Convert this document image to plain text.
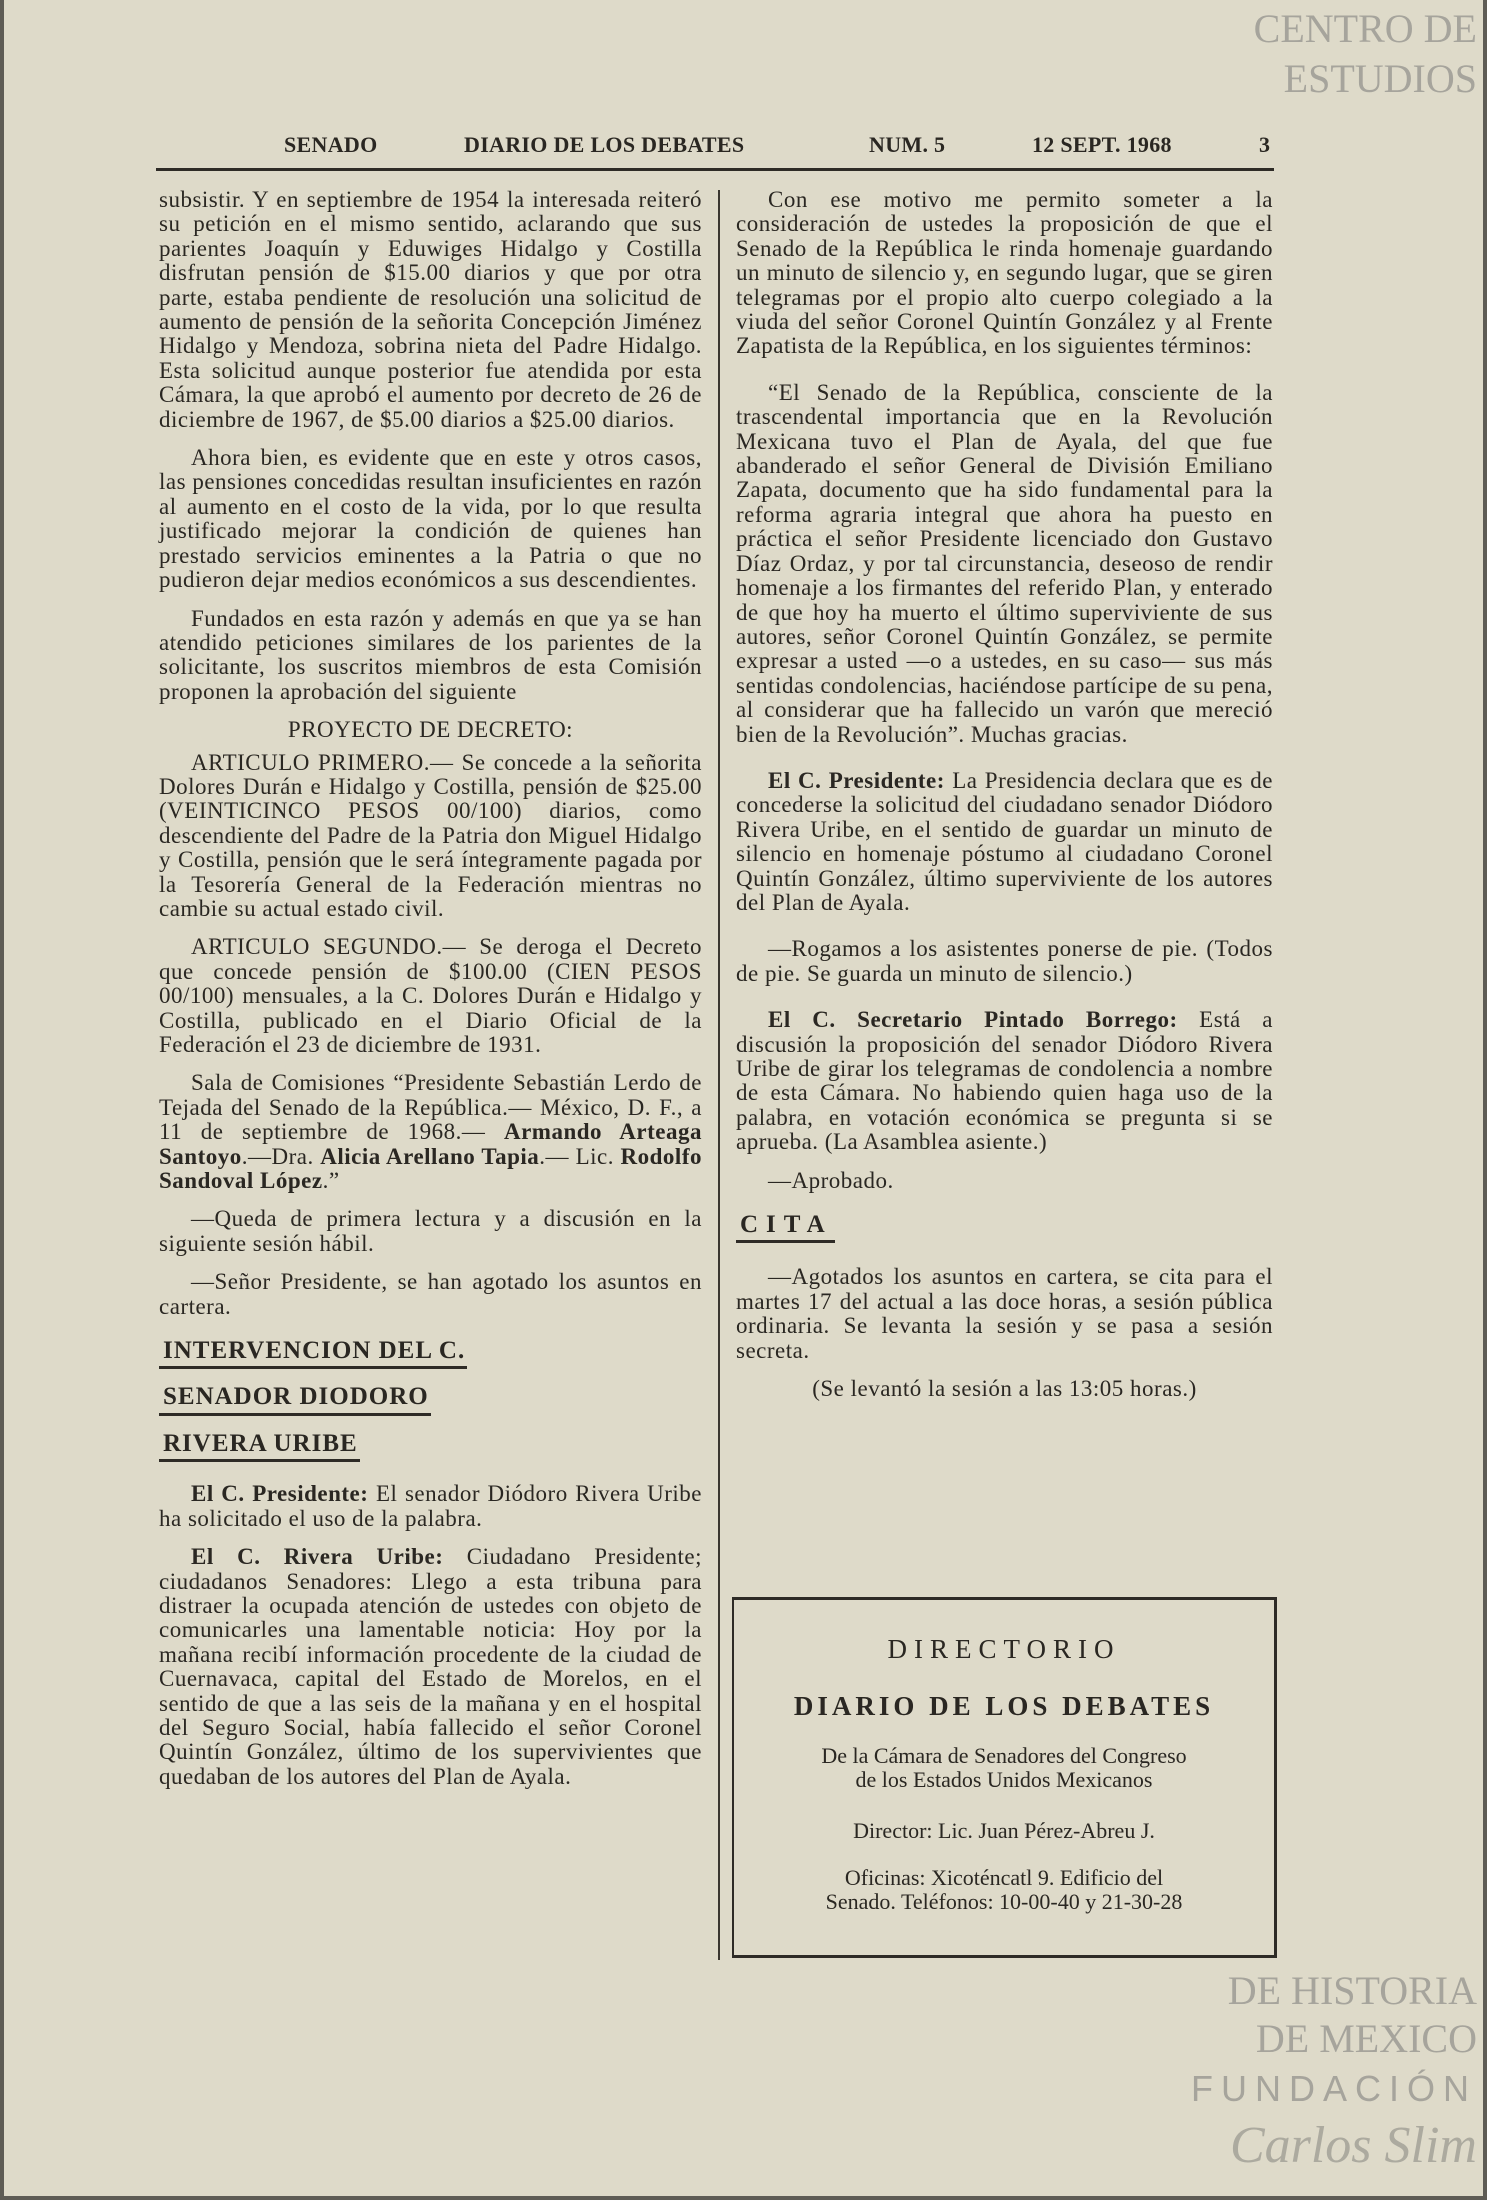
SENADO	DIARIO DE LOS DEBATES	NUM. 5	12 SEPT. 1968	3

subsistir. Y en septiembre de 1954 la interesada reiteró su petición en el mismo sentido, aclarando que sus parientes Joaquín y Eduwiges Hidalgo y Costilla disfrutan pensión de $15.00 diarios y que por otra parte, estaba pendiente de resolución una solicitud de aumento de pensión de la señorita Concepción Jiménez Hidalgo y Mendoza, sobrina nieta del Padre Hidalgo. Esta solicitud aunque posterior fue atendida por esta Cámara, la que aprobó el aumento por decreto de 26 de diciembre de 1967, de $5.00 diarios a $25.00 diarios.

Ahora bien, es evidente que en este y otros casos, las pensiones concedidas resultan insuficientes en razón al aumento en el costo de la vida, por lo que resulta justificado mejorar la condición de quienes han prestado servicios eminentes a la Patria o que no pudieron dejar medios económicos a sus descendientes.

Fundados en esta razón y además en que ya se han atendido peticiones similares de los parientes de la solicitante, los suscritos miembros de esta Comisión proponen la aprobación del siguiente

PROYECTO DE DECRETO:

ARTICULO PRIMERO.— Se concede a la señorita Dolores Durán e Hidalgo y Costilla, pensión de $25.00 (VEINTICINCO PESOS 00/100) diarios, como descendiente del Padre de la Patria don Miguel Hidalgo y Costilla, pensión que le será íntegramente pagada por la Tesorería General de la Federación mientras no cambie su actual estado civil.

ARTICULO SEGUNDO.— Se deroga el Decreto que concede pensión de $100.00 (CIEN PESOS 00/100) mensuales, a la C. Dolores Durán e Hidalgo y Costilla, publicado en el Diario Oficial de la Federación el 23 de diciembre de 1931.

Sala de Comisiones “Presidente Sebastián Lerdo de Tejada del Senado de la República.— México, D. F., a 11 de septiembre de 1968.— Armando Arteaga Santoyo.—Dra. Alicia Arellano Tapia.— Lic. Rodolfo Sandoval López.”

—Queda de primera lectura y a discusión en la siguiente sesión hábil.

—Señor Presidente, se han agotado los asuntos en cartera.

INTERVENCION DEL C.
SENADOR DIODORO
RIVERA URIBE

El C. Presidente: El senador Diódoro Rivera Uribe ha solicitado el uso de la palabra.

El C. Rivera Uribe: Ciudadano Presidente; ciudadanos Senadores: Llego a esta tribuna para distraer la ocupada atención de ustedes con objeto de comunicarles una lamentable noticia: Hoy por la mañana recibí información procedente de la ciudad de Cuernavaca, capital del Estado de Morelos, en el sentido de que a las seis de la mañana y en el hospital del Seguro Social, había fallecido el señor Coronel Quintín González, último de los supervivientes que quedaban de los autores del Plan de Ayala.

Con ese motivo me permito someter a la consideración de ustedes la proposición de que el Senado de la República le rinda homenaje guardando un minuto de silencio y, en segundo lugar, que se giren telegramas por el propio alto cuerpo colegiado a la viuda del señor Coronel Quintín González y al Frente Zapatista de la República, en los siguientes términos:

“El Senado de la República, consciente de la trascendental importancia que en la Revolución Mexicana tuvo el Plan de Ayala, del que fue abanderado el señor General de División Emiliano Zapata, documento que ha sido fundamental para la reforma agraria integral que ahora ha puesto en práctica el señor Presidente licenciado don Gustavo Díaz Ordaz, y por tal circunstancia, deseoso de rendir homenaje a los firmantes del referido Plan, y enterado de que hoy ha muerto el último superviviente de sus autores, señor Coronel Quintín González, se permite expresar a usted —o a ustedes, en su caso— sus más sentidas condolencias, haciéndose partícipe de su pena, al considerar que ha fallecido un varón que mereció bien de la Revolución”. Muchas gracias.

El C. Presidente: La Presidencia declara que es de concederse la solicitud del ciudadano senador Diódoro Rivera Uribe, en el sentido de guardar un minuto de silencio en homenaje póstumo al ciudadano Coronel Quintín González, último superviviente de los autores del Plan de Ayala.

—Rogamos a los asistentes ponerse de pie. (Todos de pie. Se guarda un minuto de silencio.)

El C. Secretario Pintado Borrego: Está a discusión la proposición del senador Diódoro Rivera Uribe de girar los telegramas de condolencia a nombre de esta Cámara. No habiendo quien haga uso de la palabra, en votación económica se pregunta si se aprueba. (La Asamblea asiente.)

—Aprobado.

CITA

—Agotados los asuntos en cartera, se cita para el martes 17 del actual a las doce horas, a sesión pública ordinaria. Se levanta la sesión y se pasa a sesión secreta.

(Se levantó la sesión a las 13:05 horas.)

DIRECTORIO
DIARIO DE LOS DEBATES
De la Cámara de Senadores del Congreso
de los Estados Unidos Mexicanos
Director: Lic. Juan Pérez-Abreu J.
Oficinas: Xicoténcatl 9. Edificio del
Senado. Teléfonos: 10-00-40 y 21-30-28
CENTRO DE
ESTUDIOS
DE HISTORIA
DE MEXICO
FUNDACIÓN
Carlos Slim
